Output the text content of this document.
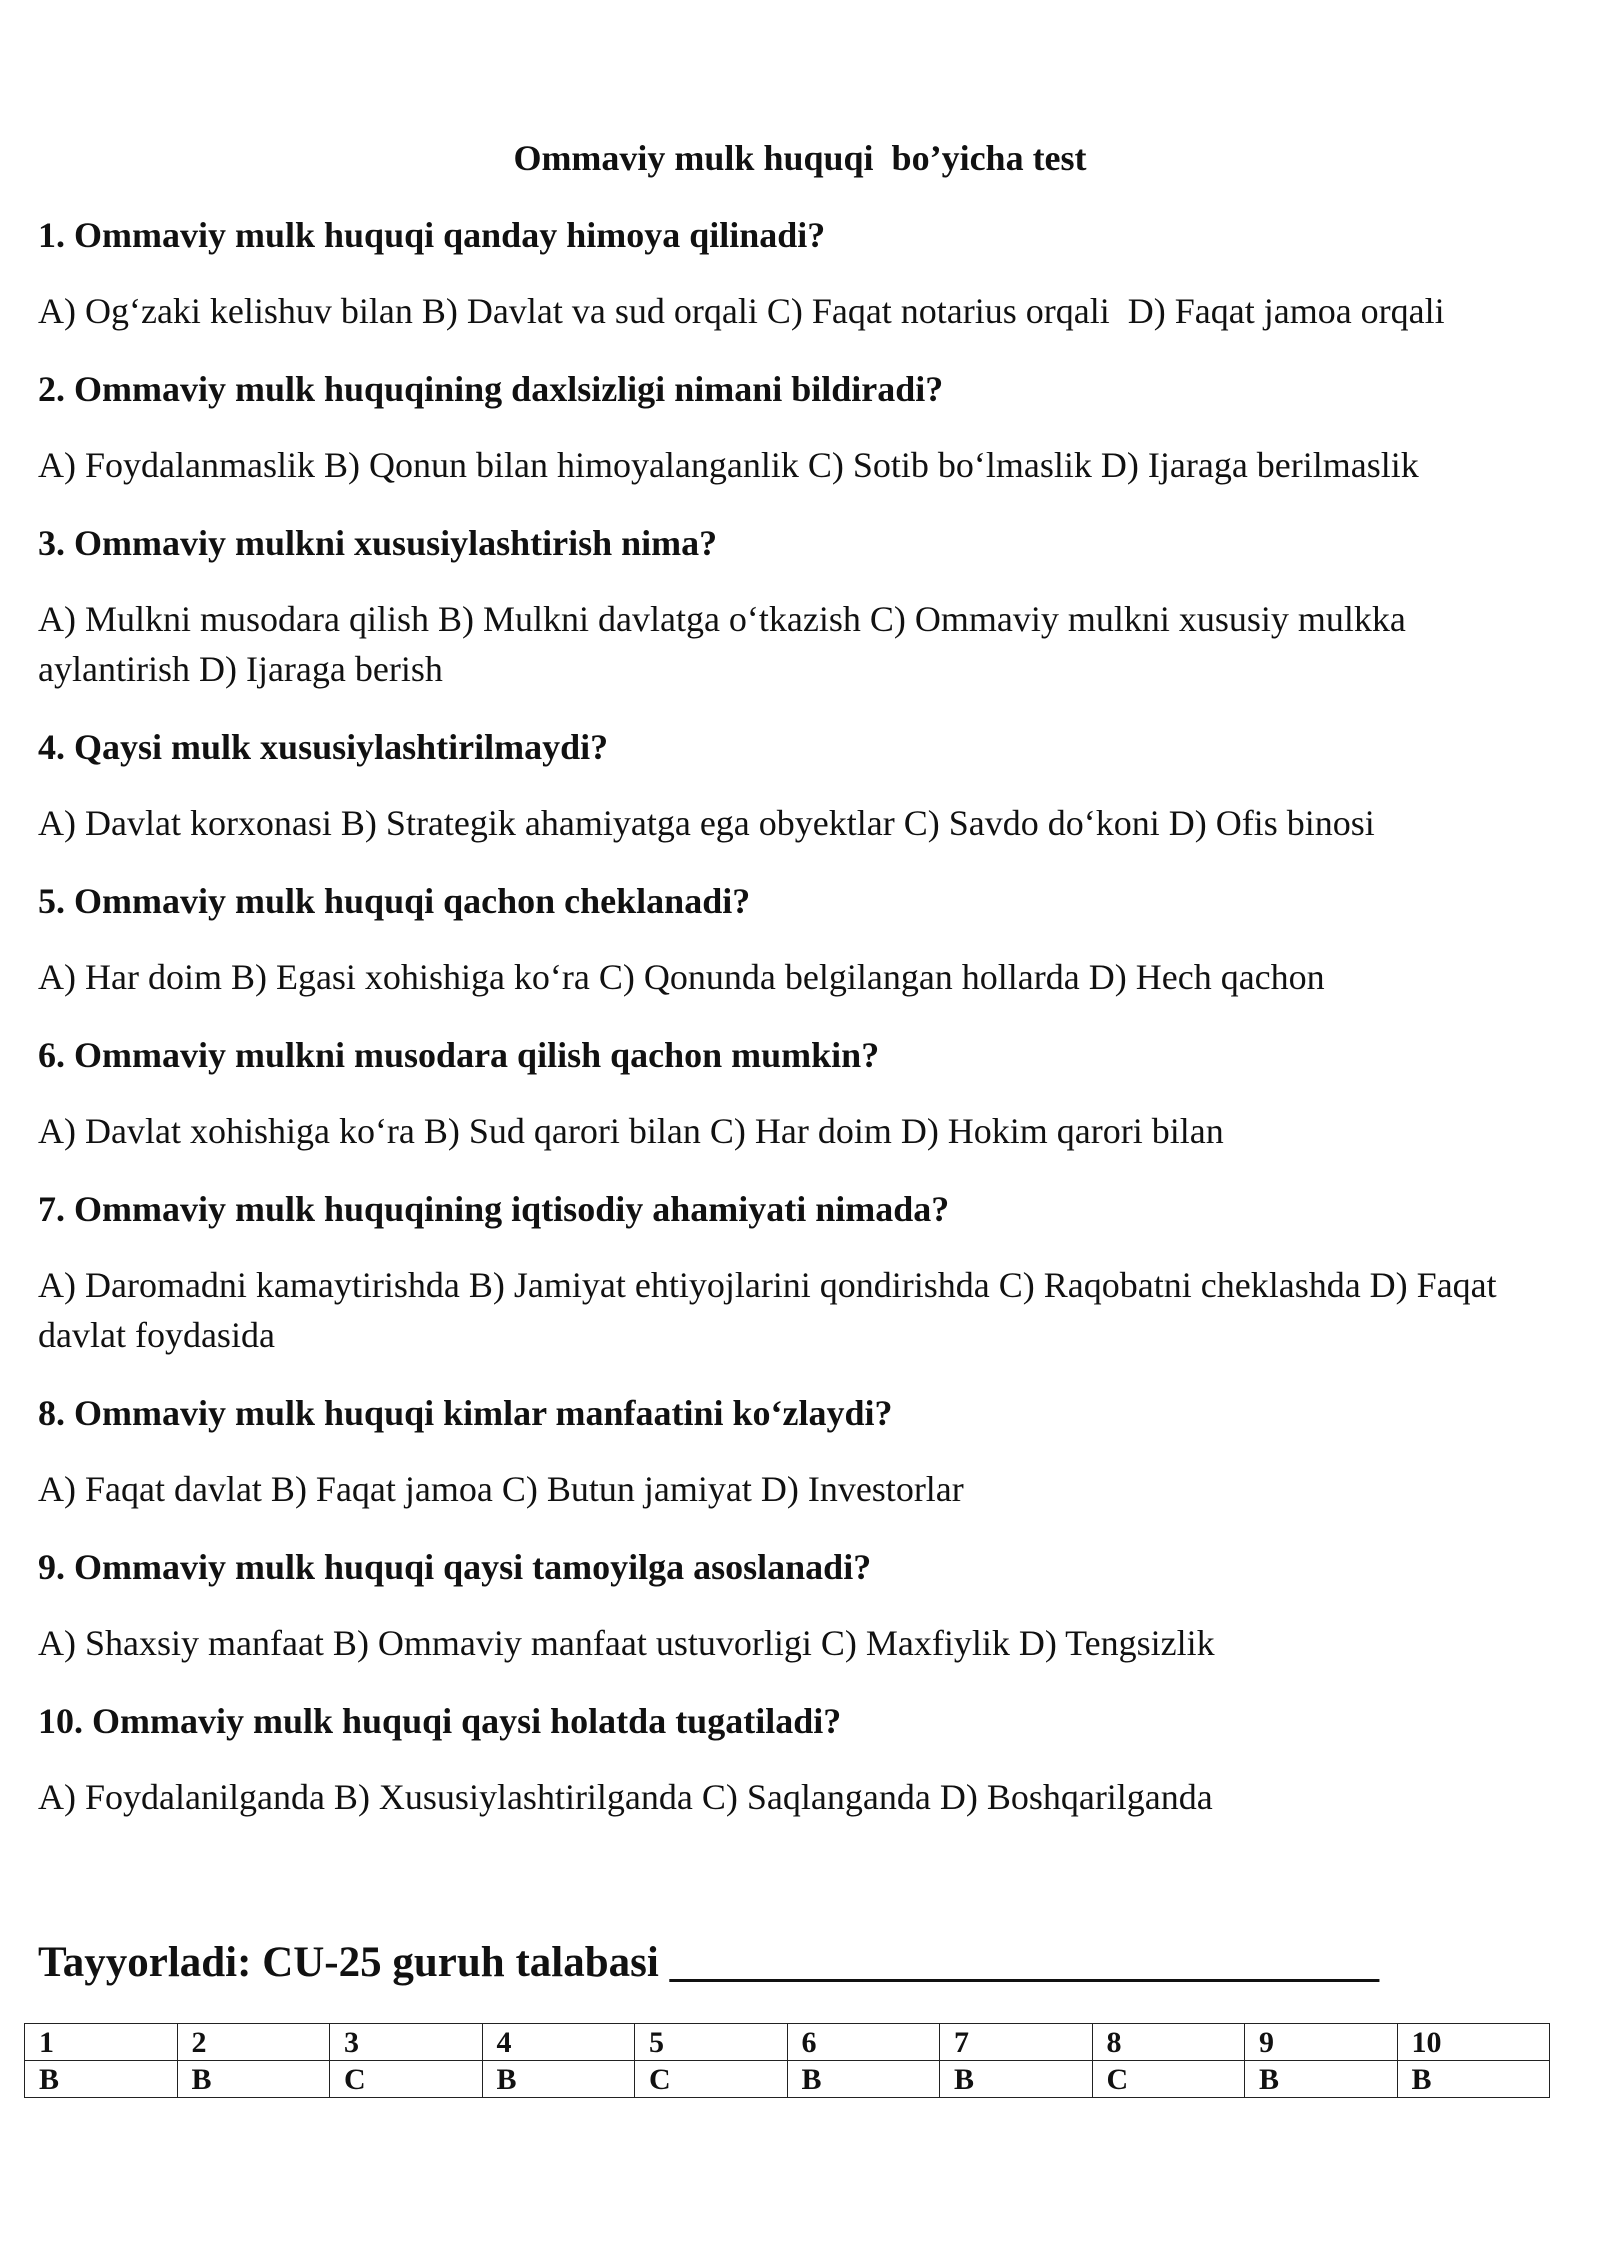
Ommaviy mulk huquqi  bo’yicha test
1. Ommaviy mulk huquqi qanday himoya qilinadi?
A) Og‘zaki kelishuv bilan B) Davlat va sud orqali C) Faqat notarius orqali  D) Faqat jamoa orqali
2. Ommaviy mulk huquqining daxlsizligi nimani bildiradi?
A) Foydalanmaslik B) Qonun bilan himoyalanganlik C) Sotib bo‘lmaslik D) Ijaraga berilmaslik
3. Ommaviy mulkni xususiylashtirish nima?
A) Mulkni musodara qilish B) Mulkni davlatga o‘tkazish C) Ommaviy mulkni xususiy mulkka aylantirish D) Ijaraga berish
4. Qaysi mulk xususiylashtirilmaydi?
A) Davlat korxonasi B) Strategik ahamiyatga ega obyektlar C) Savdo do‘koni D) Ofis binosi
5. Ommaviy mulk huquqi qachon cheklanadi?
A) Har doim B) Egasi xohishiga ko‘ra C) Qonunda belgilangan hollarda D) Hech qachon
6. Ommaviy mulkni musodara qilish qachon mumkin?
A) Davlat xohishiga ko‘ra B) Sud qarori bilan C) Har doim D) Hokim qarori bilan
7. Ommaviy mulk huquqining iqtisodiy ahamiyati nimada?
A) Daromadni kamaytirishda B) Jamiyat ehtiyojlarini qondirishda C) Raqobatni cheklashda D) Faqat davlat foydasida
8. Ommaviy mulk huquqi kimlar manfaatini ko‘zlaydi?
A) Faqat davlat B) Faqat jamoa C) Butun jamiyat D) Investorlar
9. Ommaviy mulk huquqi qaysi tamoyilga asoslanadi?
A) Shaxsiy manfaat B) Ommaviy manfaat ustuvorligi C) Maxfiylik D) Tengsizlik
10. Ommaviy mulk huquqi qaysi holatda tugatiladi?
A) Foydalanilganda B) Xususiylashtirilganda C) Saqlanganda D) Boshqarilganda
Tayyorladi: CU-25 guruh talabasi _________________________________
1	2	3	4	5	6	7	8	9	10
B	B	C	B	C	B	B	C	B	B
